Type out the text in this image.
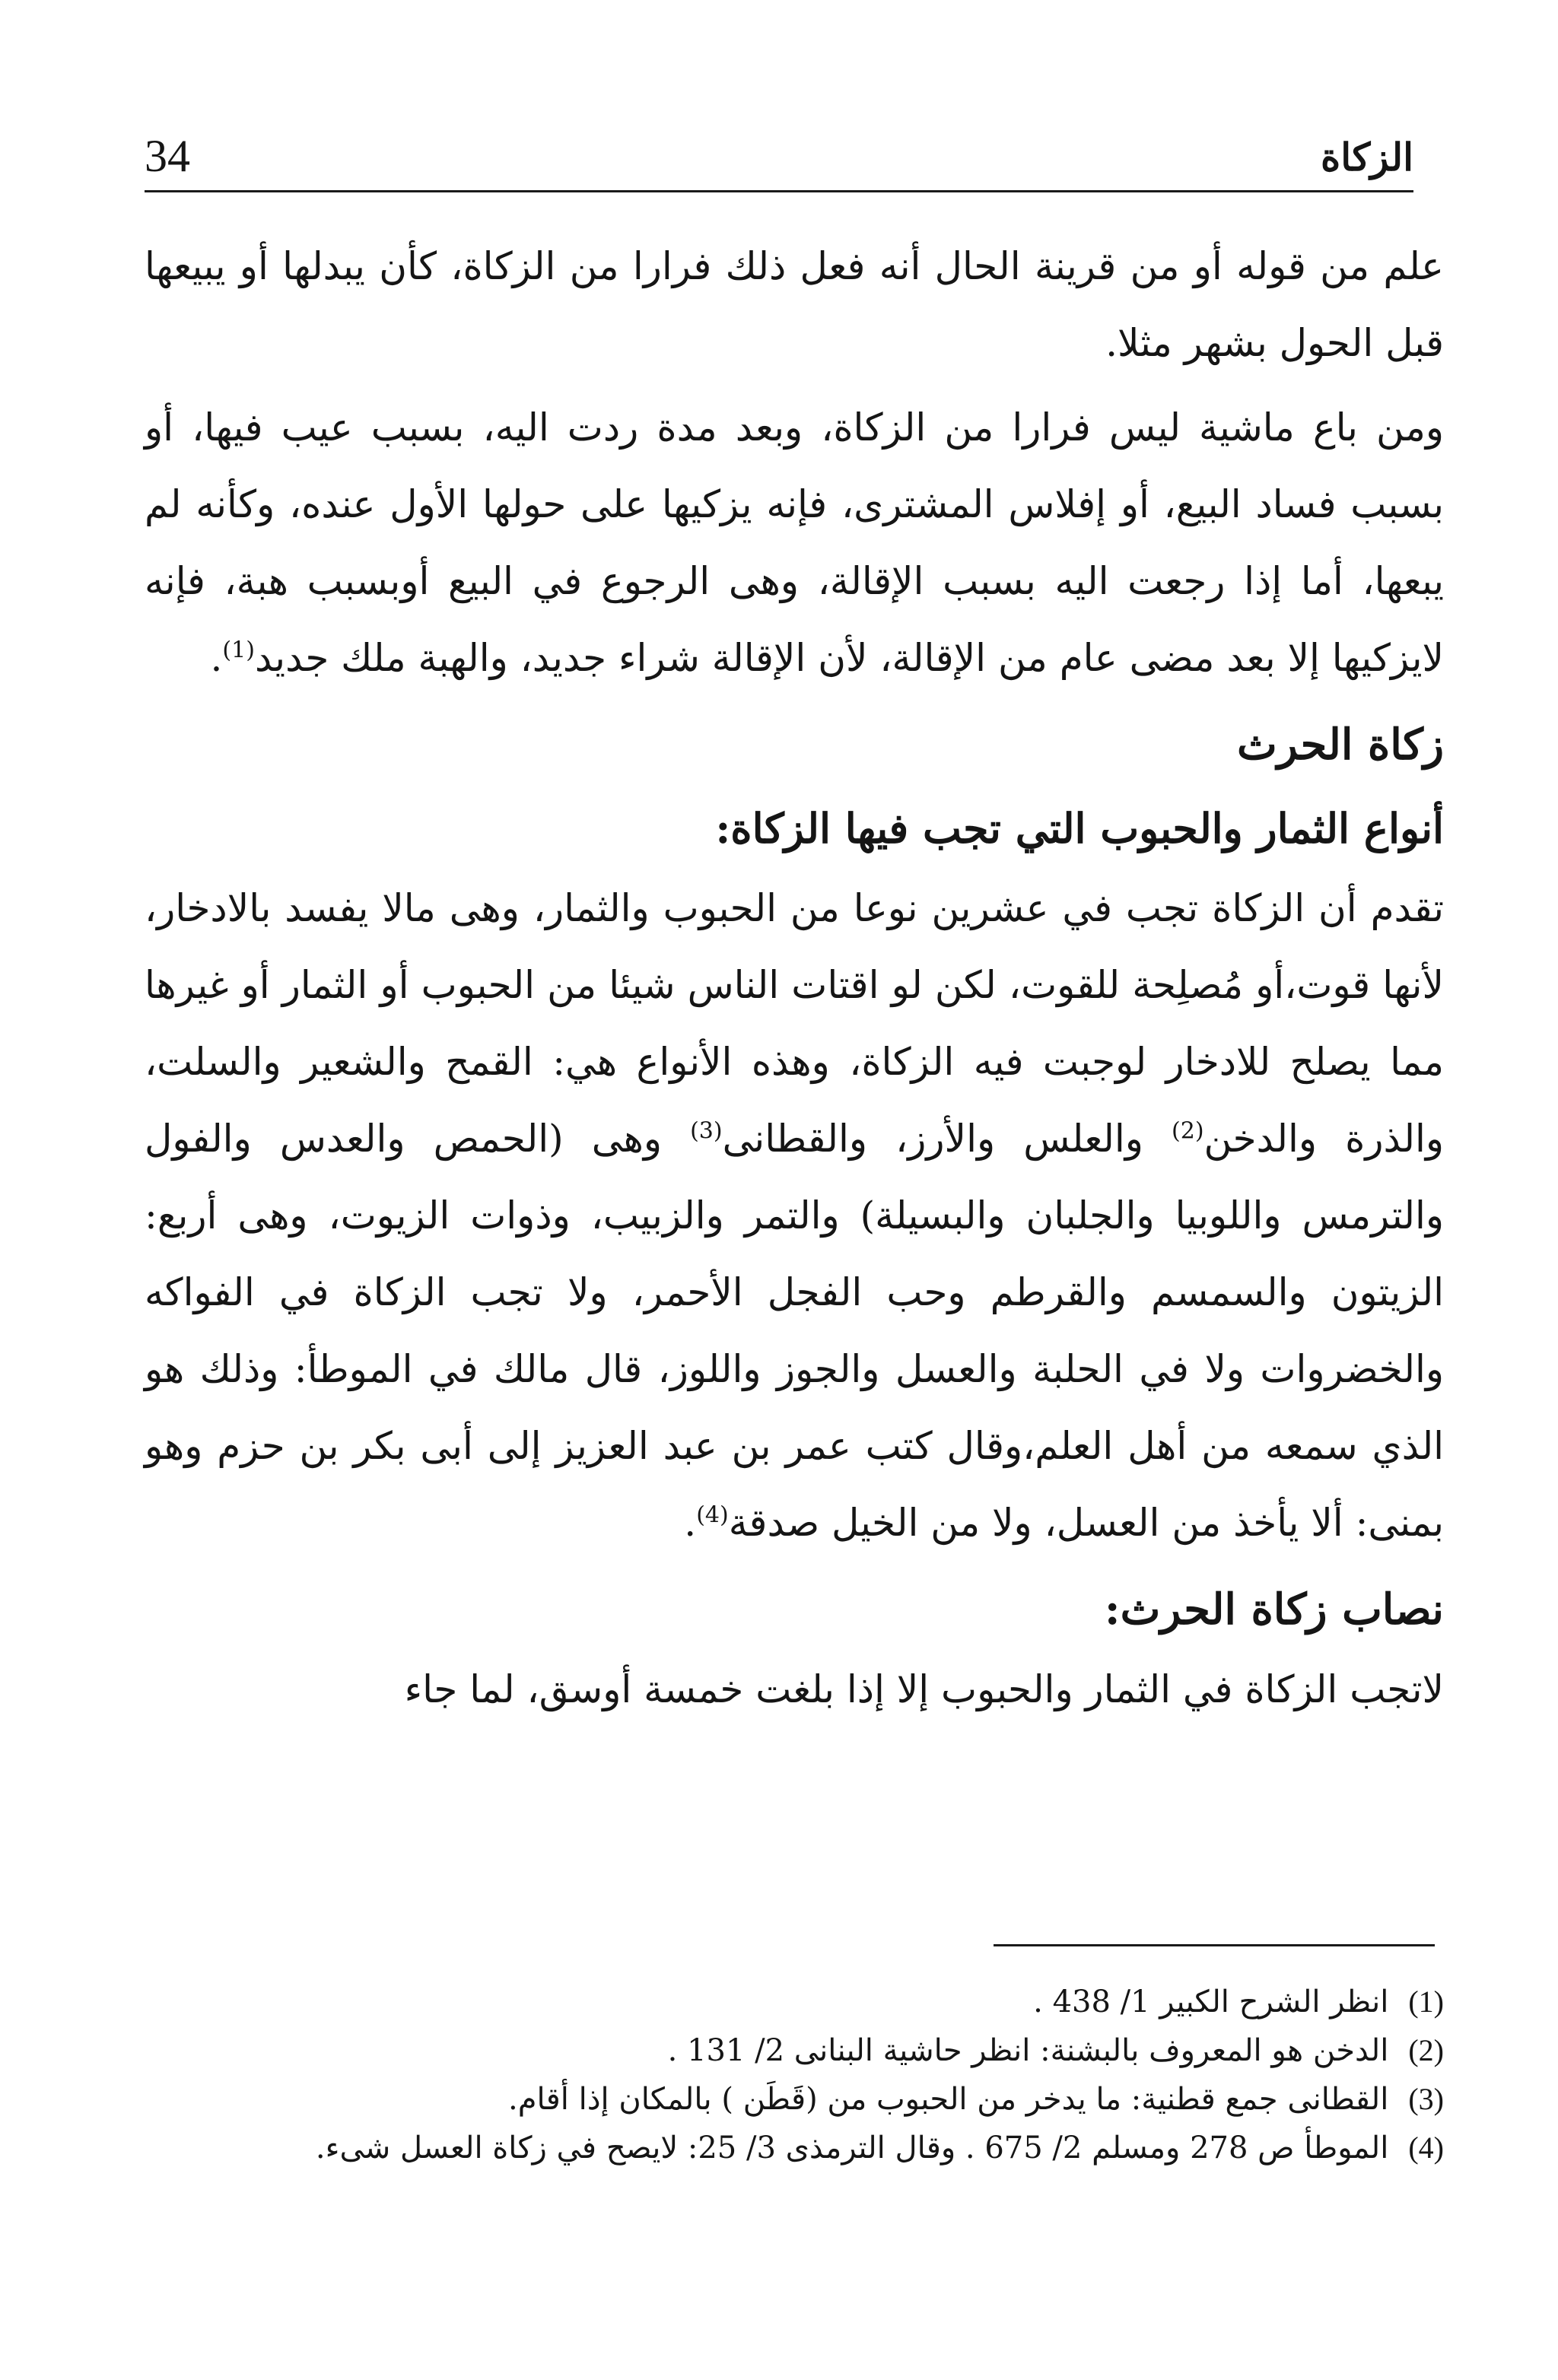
34	الزكاة

علم من قوله أو من قرينة الحال أنه فعل ذلك فرارا من الزكاة، كأن يبدلها أو يبيعها قبل الحول بشهر مثلا.

ومن باع ماشية ليس فرارا من الزكاة، وبعد مدة ردت اليه، بسبب عيب فيها، أو بسبب فساد البيع، أو إفلاس المشترى، فإنه يزكيها على حولها الأول عنده، وكأنه لم يبعها، أما إذا رجعت اليه بسبب الإقالة، وهى الرجوع في البيع أوبسبب هبة، فإنه لايزكيها إلا بعد مضى عام من الإقالة، لأن الإقالة شراء جديد، والهبة ملك جديد$^{(1)}$.

زكاة الحرث
أنواع الثمار والحبوب التي تجب فيها الزكاة:

تقدم أن الزكاة تجب في عشرين نوعا من الحبوب والثمار، وهى مالا يفسد بالادخار، لأنها قوت،أو مُصلِحة للقوت، لكن لو اقتات الناس شيئا من الحبوب أو الثمار أو غيرها مما يصلح للادخار لوجبت فيه الزكاة، وهذه الأنواع هي: القمح والشعير والسلت، والذرة والدخن$^{(2)}$ والعلس والأرز، والقطانى$^{(3)}$ وهى (الحمص والعدس والفول والترمس واللوبيا والجلبان والبسيلة) والتمر والزبيب، وذوات الزيوت، وهى أربع: الزيتون والسمسم والقرطم وحب الفجل الأحمر، ولا تجب الزكاة في الفواكه والخضروات ولا في الحلبة والعسل والجوز واللوز، قال مالك في الموطأ: وذلك هو الذي سمعه من أهل العلم،وقال كتب عمر بن عبد العزيز إلى أبى بكر بن حزم وهو بمنى: ألا يأخذ من العسل، ولا من الخيل صدقة$^{(4)}$.

نصاب زكاة الحرث:

لاتجب الزكاة في الثمار والحبوب إلا إذا بلغت خمسة أوسق، لما جاء

(1)انظر الشرح الكبير 1/ 438 .

(2)الدخن هو المعروف بالبشنة: انظر حاشية البنانى 2/ 131 .

(3)القطانى جمع قطنية: ما يدخر من الحبوب من (قَطَن ) بالمكان إذا أقام.

(4)الموطأ ص 278 ومسلم 2/ 675 . وقال الترمذى 3/ 25: لايصح في زكاة العسل شىء.
